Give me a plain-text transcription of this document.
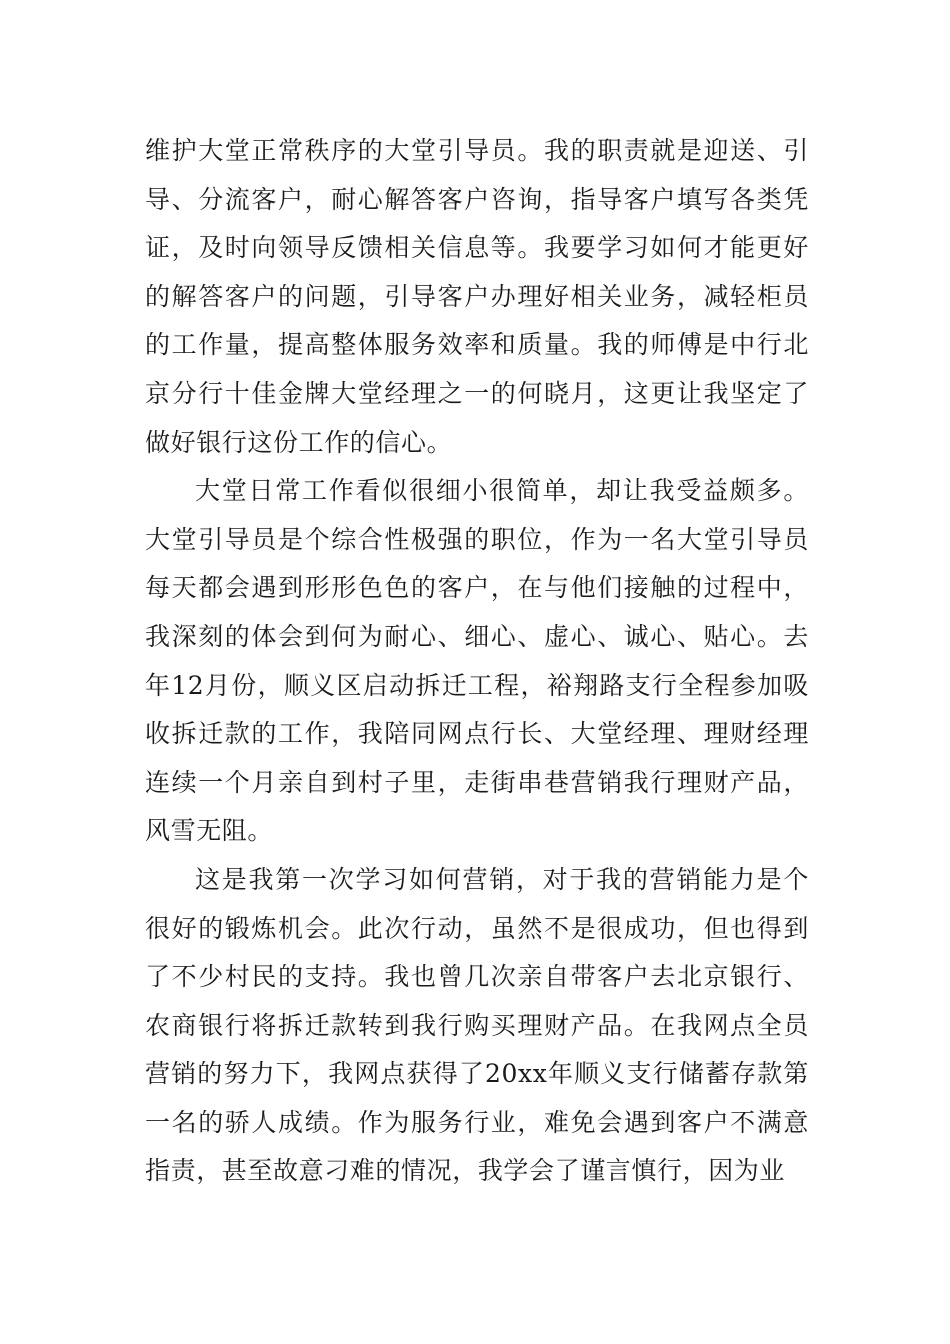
维护大堂正常秩序的大堂引导员。我的职责就是迎送、引导、分流客户，耐心解答客户咨询，指导客户填写各类凭证，及时向领导反馈相关信息等。我要学习如何才能更好的解答客户的问题，引导客户办理好相关业务，减轻柜员的工作量，提高整体服务效率和质量。我的师傅是中行北京分行十佳金牌大堂经理之一的何晓月，这更让我坚定了做好银行这份工作的信心。

大堂日常工作看似很细小很简单，却让我受益颇多。大堂引导员是个综合性极强的职位，作为一名大堂引导员每天都会遇到形形色色的客户，在与他们接触的过程中，我深刻的体会到何为耐心、细心、虚心、诚心、贴心。去年12月份，顺义区启动拆迁工程，裕翔路支行全程参加吸收拆迁款的工作，我陪同网点行长、大堂经理、理财经理连续一个月亲自到村子里，走街串巷营销我行理财产品，风雪无阻。

这是我第一次学习如何营销，对于我的营销能力是个很好的锻炼机会。此次行动，虽然不是很成功，但也得到了不少村民的支持。我也曾几次亲自带客户去北京银行、农商银行将拆迁款转到我行购买理财产品。在我网点全员营销的努力下，我网点获得了20xx年顺义支行储蓄存款第一名的骄人成绩。作为服务行业，难免会遇到客户不满意指责，甚至故意刁难的情况，我学会了谨言慎行，因为业
